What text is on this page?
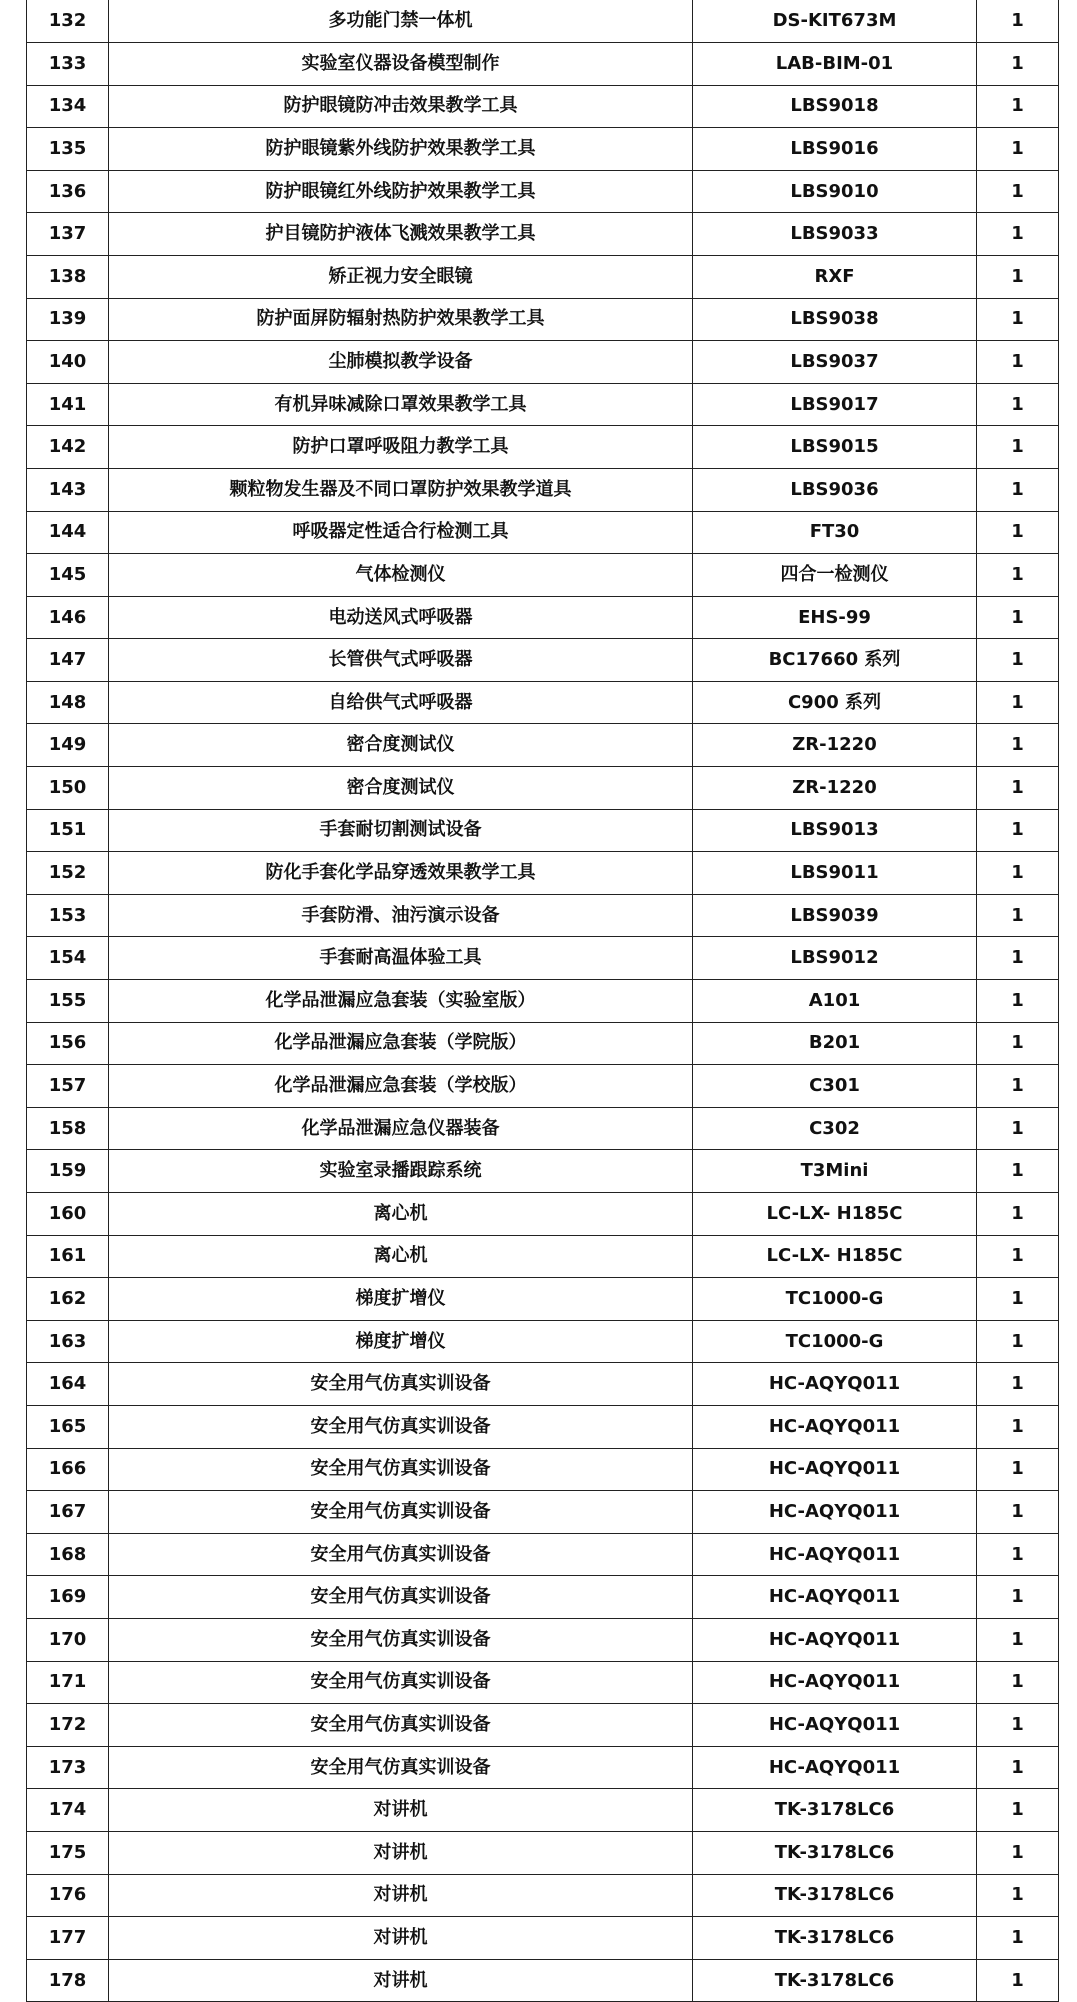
132	多功能门禁一体机	DS-KIT673M	1
133	实验室仪器设备模型制作	LAB-BIM-01	1
134	防护眼镜防冲击效果教学工具	LBS9018	1
135	防护眼镜紫外线防护效果教学工具	LBS9016	1
136	防护眼镜红外线防护效果教学工具	LBS9010	1
137	护目镜防护液体飞溅效果教学工具	LBS9033	1
138	矫正视力安全眼镜	RXF	1
139	防护面屏防辐射热防护效果教学工具	LBS9038	1
140	尘肺模拟教学设备	LBS9037	1
141	有机异味减除口罩效果教学工具	LBS9017	1
142	防护口罩呼吸阻力教学工具	LBS9015	1
143	颗粒物发生器及不同口罩防护效果教学道具	LBS9036	1
144	呼吸器定性适合行检测工具	FT30	1
145	气体检测仪	四合一检测仪	1
146	电动送风式呼吸器	EHS-99	1
147	长管供气式呼吸器	BC17660 系列	1
148	自给供气式呼吸器	C900 系列	1
149	密合度测试仪	ZR-1220	1
150	密合度测试仪	ZR-1220	1
151	手套耐切割测试设备	LBS9013	1
152	防化手套化学品穿透效果教学工具	LBS9011	1
153	手套防滑、油污演示设备	LBS9039	1
154	手套耐高温体验工具	LBS9012	1
155	化学品泄漏应急套装（实验室版）	A101	1
156	化学品泄漏应急套装（学院版）	B201	1
157	化学品泄漏应急套装（学校版）	C301	1
158	化学品泄漏应急仪器装备	C302	1
159	实验室录播跟踪系统	T3Mini	1
160	离心机	LC-LX- H185C	1
161	离心机	LC-LX- H185C	1
162	梯度扩增仪	TC1000-G	1
163	梯度扩增仪	TC1000-G	1
164	安全用气仿真实训设备	HC-AQYQ011	1
165	安全用气仿真实训设备	HC-AQYQ011	1
166	安全用气仿真实训设备	HC-AQYQ011	1
167	安全用气仿真实训设备	HC-AQYQ011	1
168	安全用气仿真实训设备	HC-AQYQ011	1
169	安全用气仿真实训设备	HC-AQYQ011	1
170	安全用气仿真实训设备	HC-AQYQ011	1
171	安全用气仿真实训设备	HC-AQYQ011	1
172	安全用气仿真实训设备	HC-AQYQ011	1
173	安全用气仿真实训设备	HC-AQYQ011	1
174	对讲机	TK-3178LC6	1
175	对讲机	TK-3178LC6	1
176	对讲机	TK-3178LC6	1
177	对讲机	TK-3178LC6	1
178	对讲机	TK-3178LC6	1
